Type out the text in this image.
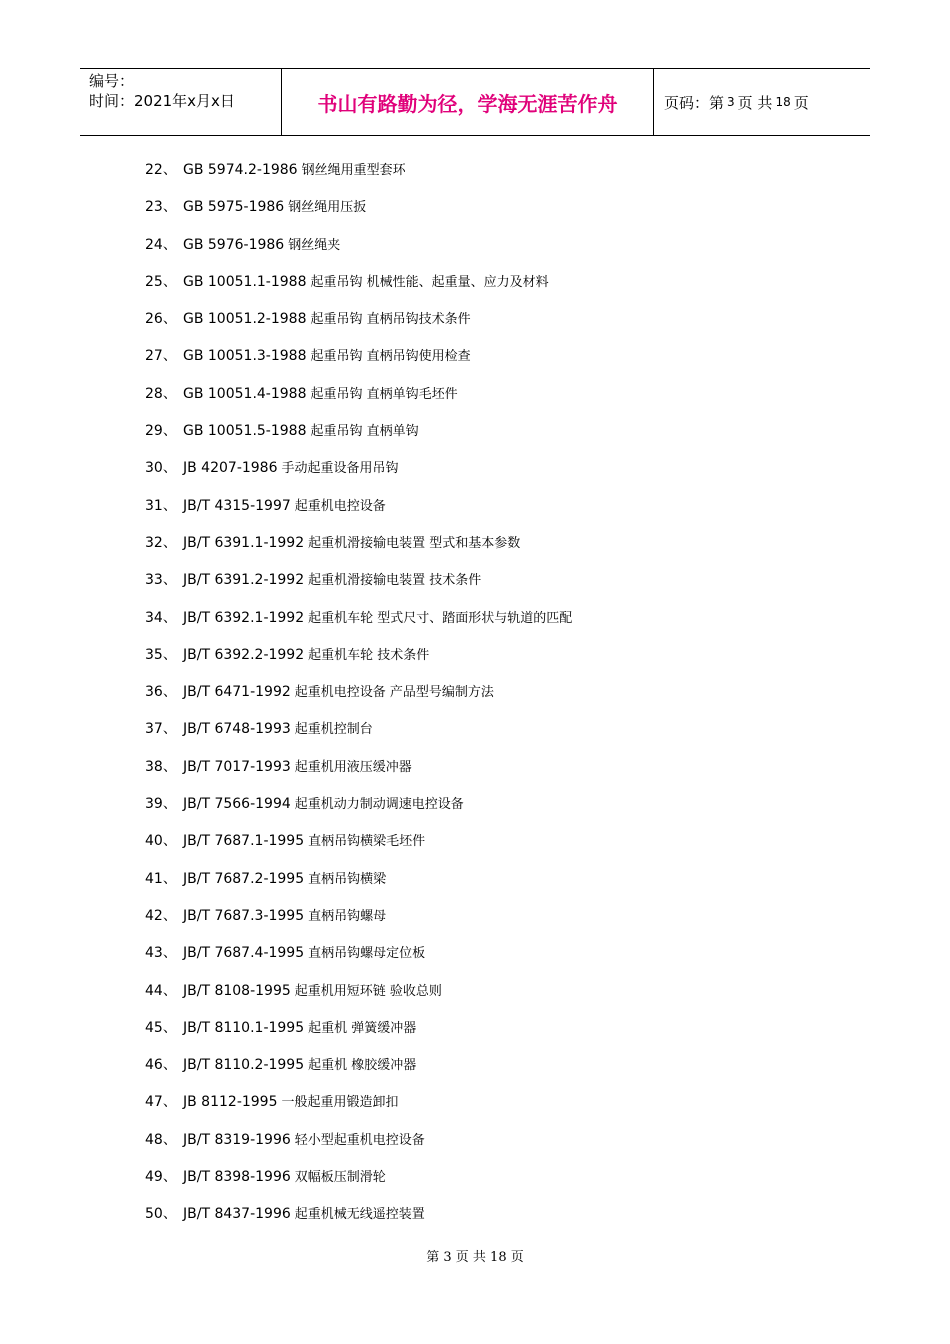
编号：
时间：2021年x月x日	书山有路勤为径，学海无涯苦作舟	页码：第 3 页 共 18 页
22、 GB 5974.2-1986 钢丝绳用重型套环
23、 GB 5975-1986 钢丝绳用压扳
24、 GB 5976-1986 钢丝绳夹
25、 GB 10051.1-1988 起重吊钩 机械性能、起重量、应力及材料
26、 GB 10051.2-1988 起重吊钩 直柄吊钩技术条件
27、 GB 10051.3-1988 起重吊钩 直柄吊钩使用检查
28、 GB 10051.4-1988 起重吊钩 直柄单钩毛坯件
29、 GB 10051.5-1988 起重吊钩 直柄单钩
30、 JB 4207-1986 手动起重设备用吊钩
31、 JB/T 4315-1997 起重机电控设备
32、 JB/T 6391.1-1992 起重机滑接输电装置 型式和基本参数
33、 JB/T 6391.2-1992 起重机滑接输电装置 技术条件
34、 JB/T 6392.1-1992 起重机车轮 型式尺寸、踏面形状与轨道的匹配
35、 JB/T 6392.2-1992 起重机车轮 技术条件
36、 JB/T 6471-1992 起重机电控设备 产品型号编制方法
37、 JB/T 6748-1993 起重机控制台
38、 JB/T 7017-1993 起重机用液压缓冲器
39、 JB/T 7566-1994 起重机动力制动调速电控设备
40、 JB/T 7687.1-1995 直柄吊钩横梁毛坯件
41、 JB/T 7687.2-1995 直柄吊钩横梁
42、 JB/T 7687.3-1995 直柄吊钩螺母
43、 JB/T 7687.4-1995 直柄吊钩螺母定位板
44、 JB/T 8108-1995 起重机用短环链 验收总则
45、 JB/T 8110.1-1995 起重机 弹簧缓冲器
46、 JB/T 8110.2-1995 起重机 橡胶缓冲器
47、 JB 8112-1995 一般起重用锻造卸扣
48、 JB/T 8319-1996 轻小型起重机电控设备
49、 JB/T 8398-1996 双幅板压制滑轮
50、 JB/T 8437-1996 起重机械无线遥控装置
第 3 页 共 18 页
